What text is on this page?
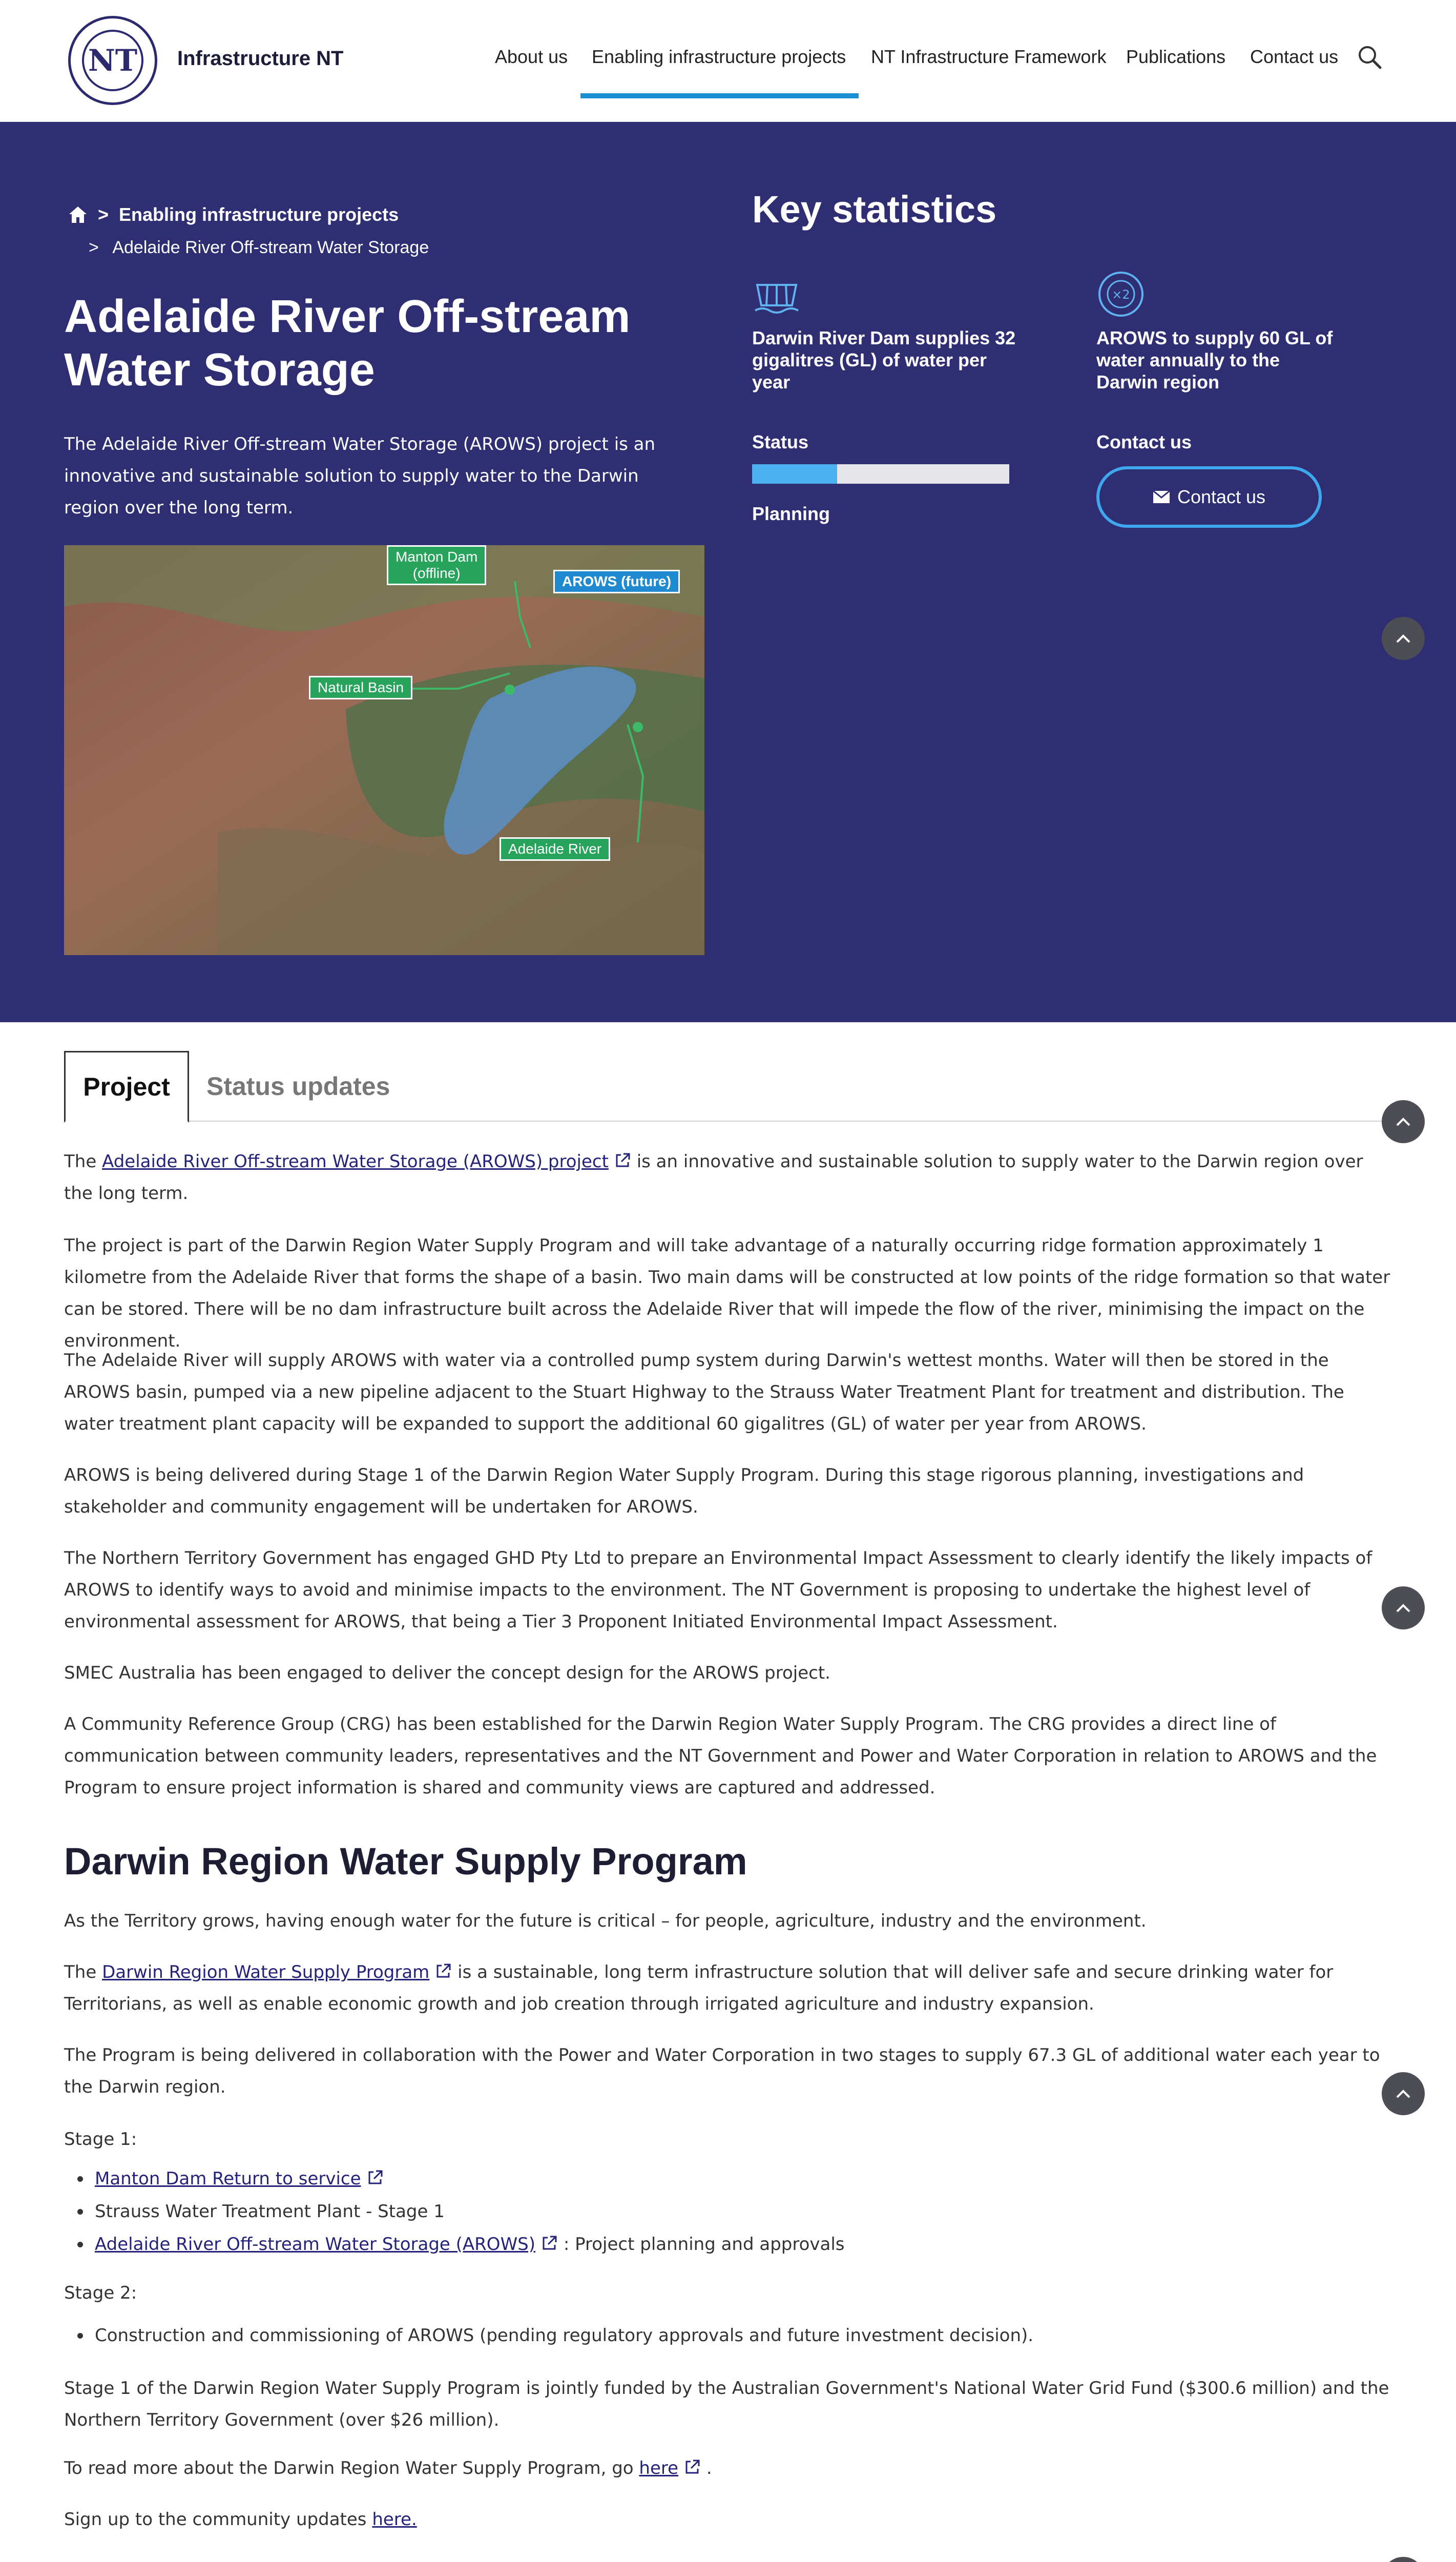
NT Infrastructure NT	About us Enabling infrastructure projects NT Infrastructure Framework Publications Contact us
> Enabling infrastructure projects
>   Adelaide River Off-stream Water Storage
Adelaide River Off-stream Water Storage

The Adelaide River Off-stream Water Storage (AROWS) project is an innovative and sustainable solution to supply water to the Darwin region over the long term.

Manton Dam
(offline)
AROWS (future)
Natural Basin
Adelaide River
Key statistics
Darwin River Dam supplies 32 gigalitres (GL) of water per year
×2
AROWS to supply 60 GL of water annually to the Darwin region
Status
Planning
Contact us
Contact us
Project	Status updates

The Adelaide River Off-stream Water Storage (AROWS) project is an innovative and sustainable solution to supply water to the Darwin region over the long term.

The project is part of the Darwin Region Water Supply Program and will take advantage of a naturally occurring ridge formation approximately 1 kilometre from the Adelaide River that forms the shape of a basin. Two main dams will be constructed at low points of the ridge formation so that water can be stored. There will be no dam infrastructure built across the Adelaide River that will impede the flow of the river, minimising the impact on the environment.

The Adelaide River will supply AROWS with water via a controlled pump system during Darwin's wettest months. Water will then be stored in the AROWS basin, pumped via a new pipeline adjacent to the Stuart Highway to the Strauss Water Treatment Plant for treatment and distribution. The water treatment plant capacity will be expanded to support the additional 60 gigalitres (GL) of water per year from AROWS.

AROWS is being delivered during Stage 1 of the Darwin Region Water Supply Program. During this stage rigorous planning, investigations and stakeholder and community engagement will be undertaken for AROWS.

The Northern Territory Government has engaged GHD Pty Ltd to prepare an Environmental Impact Assessment to clearly identify the likely impacts of AROWS to identify ways to avoid and minimise impacts to the environment. The NT Government is proposing to undertake the highest level of environmental assessment for AROWS, that being a Tier 3 Proponent Initiated Environmental Impact Assessment.

SMEC Australia has been engaged to deliver the concept design for the AROWS project.

A Community Reference Group (CRG) has been established for the Darwin Region Water Supply Program. The CRG provides a direct line of communication between community leaders, representatives and the NT Government and Power and Water Corporation in relation to AROWS and the Program to ensure project information is shared and community views are captured and addressed.

Darwin Region Water Supply Program

As the Territory grows, having enough water for the future is critical – for people, agriculture, industry and the environment.

The Darwin Region Water Supply Program is a sustainable, long term infrastructure solution that will deliver safe and secure drinking water for Territorians, as well as enable economic growth and job creation through irrigated agriculture and industry expansion.

The Program is being delivered in collaboration with the Power and Water Corporation in two stages to supply 67.3 GL of additional water each year to the Darwin region.

Stage 1:

Manton Dam Return to service
Strauss Water Treatment Plant - Stage 1
Adelaide River Off-stream Water Storage (AROWS) : Project planning and approvals

Stage 2:

Construction and commissioning of AROWS (pending regulatory approvals and future investment decision).

Stage 1 of the Darwin Region Water Supply Program is jointly funded by the Australian Government's National Water Grid Fund ($300.6 million) and the Northern Territory Government (over $26 million).

To read more about the Darwin Region Water Supply Program, go here .

Sign up to the community updates here.
